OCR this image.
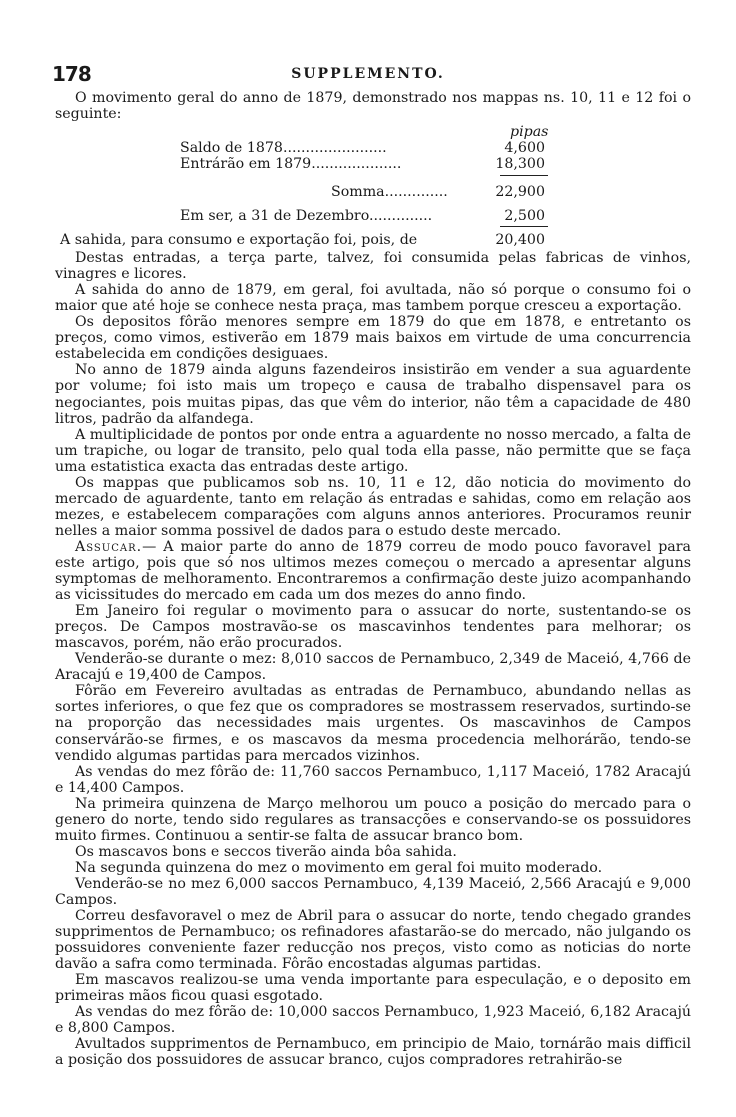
178	SUPPLEMENTO.

O movimento geral do anno de 1879, demonstrado nos mappas ns. 10, 11 e 12 foi o seguinte:

pipas
Saldo de 1878.......................	4,600
Entrárão em 1879....................	18,300
Somma..............	22,900
Em ser, a 31 de Dezembro..............	2,500
A sahida, para consumo e exportação foi, pois, de	20,400

Destas entradas, a terça parte, talvez, foi consumida pelas fabricas de vinhos, vinagres e licores.

A sahida do anno de 1879, em geral, foi avultada, não só porque o consumo foi o maior que até hoje se conhece nesta praça, mas tambem porque cresceu a exportação.

Os depositos fôrão menores sempre em 1879 do que em 1878, e entretanto os preços, como vimos, estiverão em 1879 mais baixos em virtude de uma concurrencia estabelecida em condições desiguaes.

No anno de 1879 ainda alguns fazendeiros insistirão em vender a sua aguardente por volume; foi isto mais um tropeço e causa de trabalho dispensavel para os negociantes, pois muitas pipas, das que vêm do interior, não têm a capacidade de 480 litros, padrão da alfandega.

A multiplicidade de pontos por onde entra a aguardente no nosso mercado, a falta de um trapiche, ou logar de transito, pelo qual toda ella passe, não permitte que se faça uma estatistica exacta das entradas deste artigo.

Os mappas que publicamos sob ns. 10, 11 e 12, dão noticia do movimento do mercado de aguardente, tanto em relação ás entradas e sahidas, como em relação aos mezes, e estabelecem comparações com alguns annos anteriores. Procuramos reunir nelles a maior somma possivel de dados para o estudo deste mercado.

Assucar.— A maior parte do anno de 1879 correu de modo pouco favoravel para este artigo, pois que só nos ultimos mezes começou o mercado a apresentar alguns symptomas de melhoramento. Encontraremos a confirmação deste juizo acompanhando as vicissitudes do mercado em cada um dos mezes do anno findo.

Em Janeiro foi regular o movimento para o assucar do norte, sustentando-se os preços. De Campos mostravão-se os mascavinhos tendentes para melhorar; os mascavos, porém, não erão procurados.

Venderão-se durante o mez: 8,010 saccos de Pernambuco, 2,349 de Maceió, 4,766 de Aracajú e 19,400 de Campos.

Fôrão em Fevereiro avultadas as entradas de Pernambuco, abundando nellas as sortes inferiores, o que fez que os compradores se mostrassem reservados, surtindo-se na proporção das necessidades mais urgentes. Os mascavinhos de Campos conservárão-se firmes, e os mascavos da mesma procedencia melhorárão, tendo-se vendido algumas partidas para mercados vizinhos.

As vendas do mez fôrão de: 11,760 saccos Pernambuco, 1,117 Maceió, 1782 Aracajú e 14,400 Campos.

Na primeira quinzena de Março melhorou um pouco a posição do mercado para o genero do norte, tendo sido regulares as transacções e conservando-se os possuidores muito firmes. Continuou a sentir-se falta de assucar branco bom.

Os mascavos bons e seccos tiverão ainda bôa sahida.

Na segunda quinzena do mez o movimento em geral foi muito moderado.

Venderão-se no mez 6,000 saccos Pernambuco, 4,139 Maceió, 2,566 Aracajú e 9,000 Campos.

Correu desfavoravel o mez de Abril para o assucar do norte, tendo chegado grandes supprimentos de Pernambuco; os refinadores afastarão-se do mercado, não julgando os possuidores conveniente fazer reducção nos preços, visto como as noticias do norte davão a safra como terminada. Fôrão encostadas algumas partidas.

Em mascavos realizou-se uma venda importante para especulação, e o deposito em primeiras mãos ficou quasi esgotado.

As vendas do mez fôrão de: 10,000 saccos Pernambuco, 1,923 Maceió, 6,182 Aracajú e 8,800 Campos.

Avultados supprimentos de Pernambuco, em principio de Maio, tornárão mais difficil a posição dos possuidores de assucar branco, cujos compradores retrahirão-se
